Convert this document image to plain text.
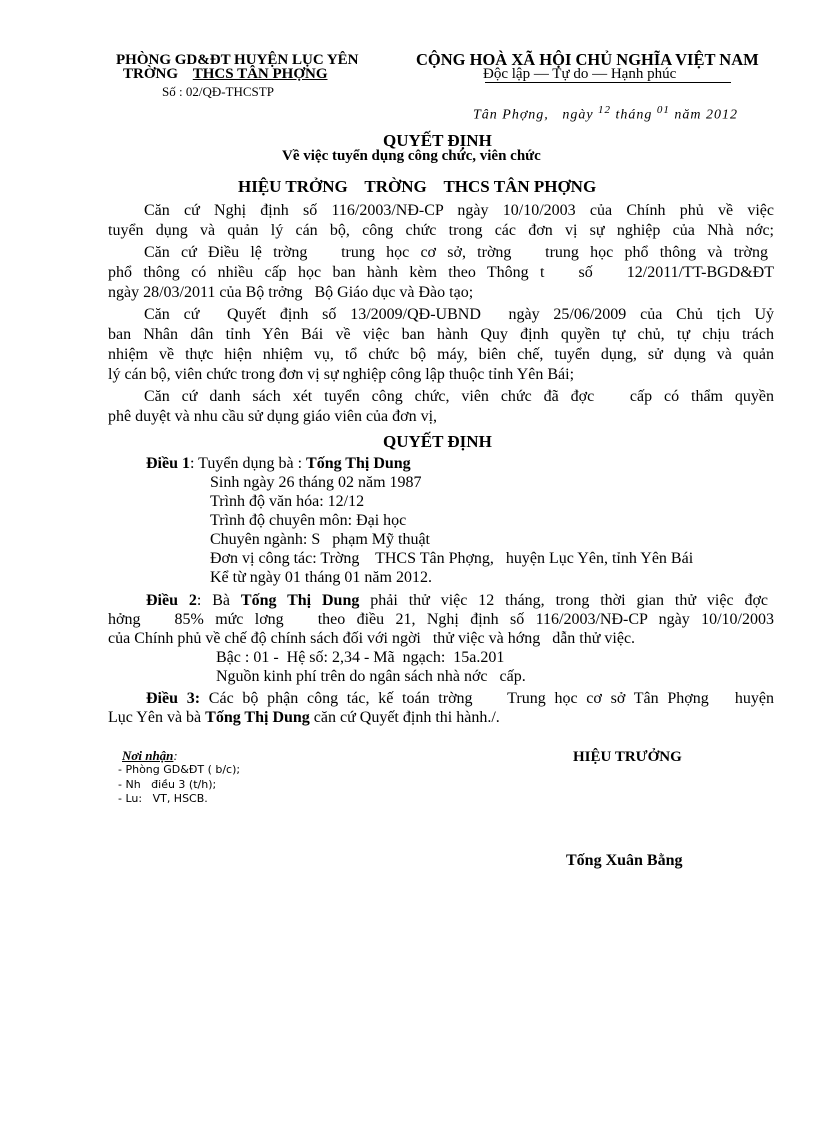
PHÒNG GD&ĐT HUYỆN LỤC YÊN
TRỜNG THCS TÂN PHỢNG
Số : 02/QĐ-THCSTP
CỘNG HOÀ XÃ HỘI CHỦ NGHĨA VIỆT NAM
Độc lập — Tự do — Hạnh phúc
Tân Phợng, ngày $^{12}$ tháng $^{01}$ năm 2012
QUYẾT ĐỊNH
Về việc tuyển dụng công chức, viên chức
HIỆU TRỞNG    TRỜNG    THCS TÂN PHỢNG
Căn cứ Nghị định số 116/2003/NĐ-CP ngày 10/10/2003 của Chính phủ về việc
tuyển dụng và quản lý cán bộ, công chức trong các đơn vị sự nghiệp của Nhà nớc;
Căn cứ Điều lệ trờng   trung học cơ sở, trờng   trung học phổ thông và trờng
phổ thông có nhiều cấp học ban hành kèm theo Thông t   số   12/2011/TT-BGD&ĐT
ngày 28/03/2011 của Bộ trởng   Bộ Giáo dục và Đào tạo;
Căn cứ  Quyết định số 13/2009/QĐ-UBND  ngày 25/06/2009 của Chủ tịch Uỷ
ban Nhân dân tỉnh Yên Bái về việc ban hành Quy định quyền tự chủ, tự chịu trách
nhiệm về thực hiện nhiệm vụ, tổ chức bộ máy, biên chế, tuyển dụng, sử dụng và quản
lý cán bộ, viên chức trong đơn vị sự nghiệp công lập thuộc tỉnh Yên Bái;
Căn cứ danh sách xét tuyển công chức, viên chức đã đợc   cấp có thẩm quyền
phê duyệt và nhu cầu sử dụng giáo viên của đơn vị,
QUYẾT ĐỊNH
Điều 1: Tuyển dụng bà : Tống Thị Dung
Sinh ngày 26 tháng 02 năm 1987
Trình độ văn hóa: 12/12
Trình độ chuyên môn: Đại học
Chuyên ngành: S   phạm Mỹ thuật
Đơn vị công tác: Trờng    THCS Tân Phợng,   huyện Lục Yên, tỉnh Yên Bái
Kể từ ngày 01 tháng 01 năm 2012.
Điều 2: Bà Tống Thị Dung phải thử việc 12 tháng, trong thời gian thử việc đợc
hởng   85% mức lơng   theo điều 21, Nghị định số 116/2003/NĐ-CP ngày 10/10/2003
của Chính phủ về chế độ chính sách đối với ngời   thử việc và hớng   dẫn thử việc.
Bậc : 01 -  Hệ số: 2,34 - Mã  ngạch:  15a.201
Nguồn kinh phí trên do ngân sách nhà nớc   cấp.
Điều 3: Các bộ phận công tác, kế toán trờng    Trung học cơ sở Tân Phợng   huyện
Lục Yên và bà Tống Thị Dung căn cứ Quyết định thi hành./.
Nơi nhận:
- Phòng GD&ĐT ( b/c);
- Nh   điều 3 (t/h);
- Lu:   VT, HSCB.
HIỆU TRƯỞNG
Tống Xuân Bằng
